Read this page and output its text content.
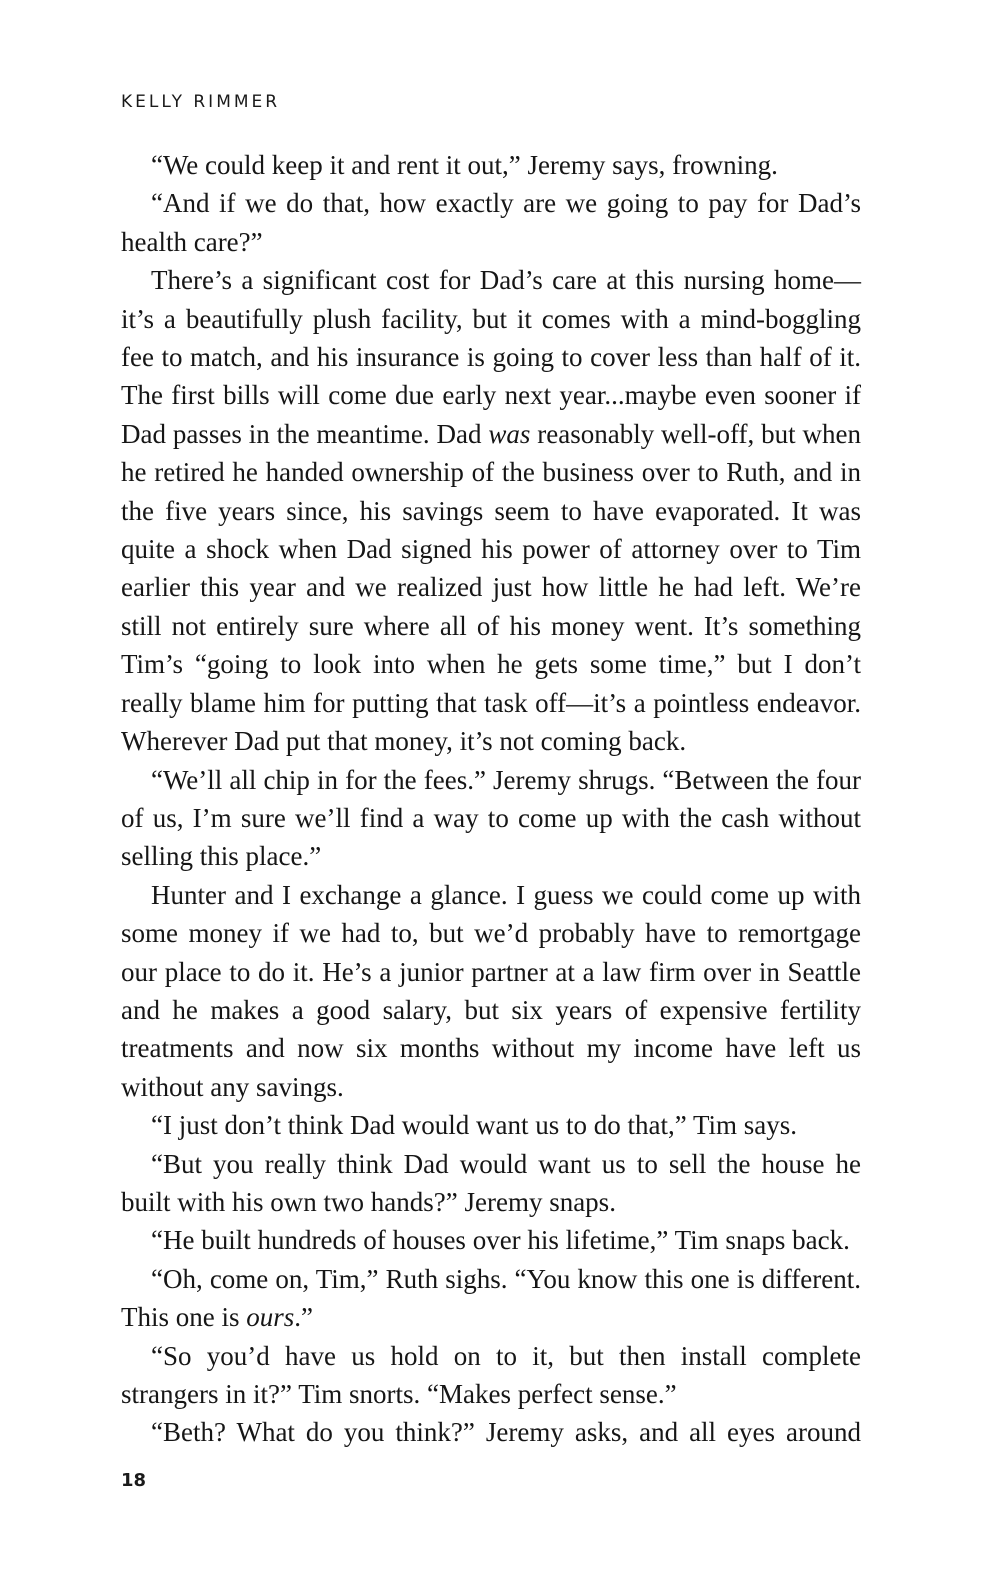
KELLY RIMMER

“We could keep it and rent it out,” Jeremy says, frowning.

“And if we do that, how exactly are we going to pay for Dad’s health care?”

There’s a significant cost for Dad’s care at this nursing home—it’s a beautifully plush facility, but it comes with a mind-boggling fee to match, and his insurance is going to cover less than half of it. The first bills will come due early next year...maybe even sooner if Dad passes in the meantime. Dad was reasonably well-off, but when he retired he handed ownership of the business over to Ruth, and in the five years since, his savings seem to have evaporated. It was quite a shock when Dad signed his power of attorney over to Tim earlier this year and we realized just how little he had left. We’re still not entirely sure where all of his money went. It’s something Tim’s “going to look into when he gets some time,” but I don’t really blame him for putting that task off—it’s a pointless endeavor. Wherever Dad put that money, it’s not coming back.

“We’ll all chip in for the fees.” Jeremy shrugs. “Between the four of us, I’m sure we’ll find a way to come up with the cash without selling this place.”

Hunter and I exchange a glance. I guess we could come up with some money if we had to, but we’d probably have to remortgage our place to do it. He’s a junior partner at a law firm over in Seattle and he makes a good salary, but six years of expensive fertility treatments and now six months without my income have left us without any savings.

“I just don’t think Dad would want us to do that,” Tim says.

“But you really think Dad would want us to sell the house he built with his own two hands?” Jeremy snaps.

“He built hundreds of houses over his lifetime,” Tim snaps back.

“Oh, come on, Tim,” Ruth sighs. “You know this one is different. This one is ours.”

“So you’d have us hold on to it, but then install complete strangers in it?” Tim snorts. “Makes perfect sense.”

“Beth? What do you think?” Jeremy asks, and all eyes around

18
